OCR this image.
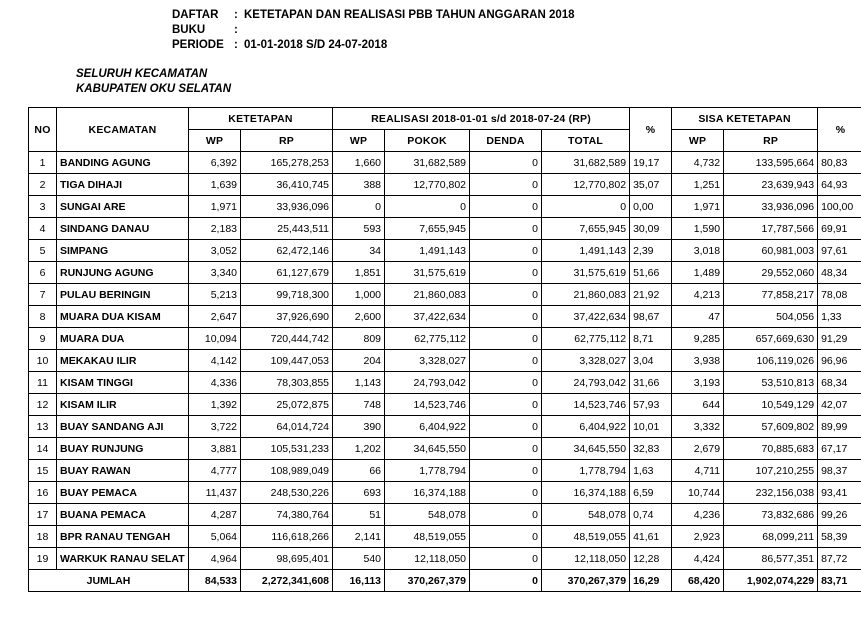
DAFTAR	: KETETAPAN DAN REALISASI PBB TAHUN ANGGARAN 2018
BUKU	:
PERIODE : 01-01-2018 S/D 24-07-2018
SELURUH KECAMATAN
KABUPATEN OKU SELATAN
NO	KECAMATAN	KETETAPAN		REALISASI 2018-01-01 s/d 2018-07-24 (RP)				%	SISA KETETAPAN		%
		WP	RP	WP	POKOK	DENDA	TOTAL		WP	RP	
1	BANDING AGUNG	6,392	165,278,253	1,660	31,682,589	0	31,682,589	19,17	4,732	133,595,664	80,83
2	TIGA DIHAJI	1,639	36,410,745	388	12,770,802	0	12,770,802	35,07	1,251	23,639,943	64,93
3	SUNGAI ARE	1,971	33,936,096	0	0	0	0	0,00	1,971	33,936,096	100,00
4	SINDANG DANAU	2,183	25,443,511	593	7,655,945	0	7,655,945	30,09	1,590	17,787,566	69,91
5	SIMPANG	3,052	62,472,146	34	1,491,143	0	1,491,143	2,39	3,018	60,981,003	97,61
6	RUNJUNG AGUNG	3,340	61,127,679	1,851	31,575,619	0	31,575,619	51,66	1,489	29,552,060	48,34
7	PULAU BERINGIN	5,213	99,718,300	1,000	21,860,083	0	21,860,083	21,92	4,213	77,858,217	78,08
8	MUARA DUA KISAM	2,647	37,926,690	2,600	37,422,634	0	37,422,634	98,67	47	504,056	1,33
9	MUARA DUA	10,094	720,444,742	809	62,775,112	0	62,775,112	8,71	9,285	657,669,630	91,29
10	MEKAKAU ILIR	4,142	109,447,053	204	3,328,027	0	3,328,027	3,04	3,938	106,119,026	96,96
11	KISAM TINGGI	4,336	78,303,855	1,143	24,793,042	0	24,793,042	31,66	3,193	53,510,813	68,34
12	KISAM ILIR	1,392	25,072,875	748	14,523,746	0	14,523,746	57,93	644	10,549,129	42,07
13	BUAY SANDANG AJI	3,722	64,014,724	390	6,404,922	0	6,404,922	10,01	3,332	57,609,802	89,99
14	BUAY RUNJUNG	3,881	105,531,233	1,202	34,645,550	0	34,645,550	32,83	2,679	70,885,683	67,17
15	BUAY RAWAN	4,777	108,989,049	66	1,778,794	0	1,778,794	1,63	4,711	107,210,255	98,37
16	BUAY PEMACA	11,437	248,530,226	693	16,374,188	0	16,374,188	6,59	10,744	232,156,038	93,41
17	BUANA PEMACA	4,287	74,380,764	51	548,078	0	548,078	0,74	4,236	73,832,686	99,26
18	BPR RANAU TENGAH	5,064	116,618,266	2,141	48,519,055	0	48,519,055	41,61	2,923	68,099,211	58,39
19	WARKUK RANAU SELAT	4,964	98,695,401	540	12,118,050	0	12,118,050	12,28	4,424	86,577,351	87,72
JUMLAH		84,533	2,272,341,608	16,113	370,267,379	0	370,267,379	16,29	68,420	1,902,074,229	83,71
